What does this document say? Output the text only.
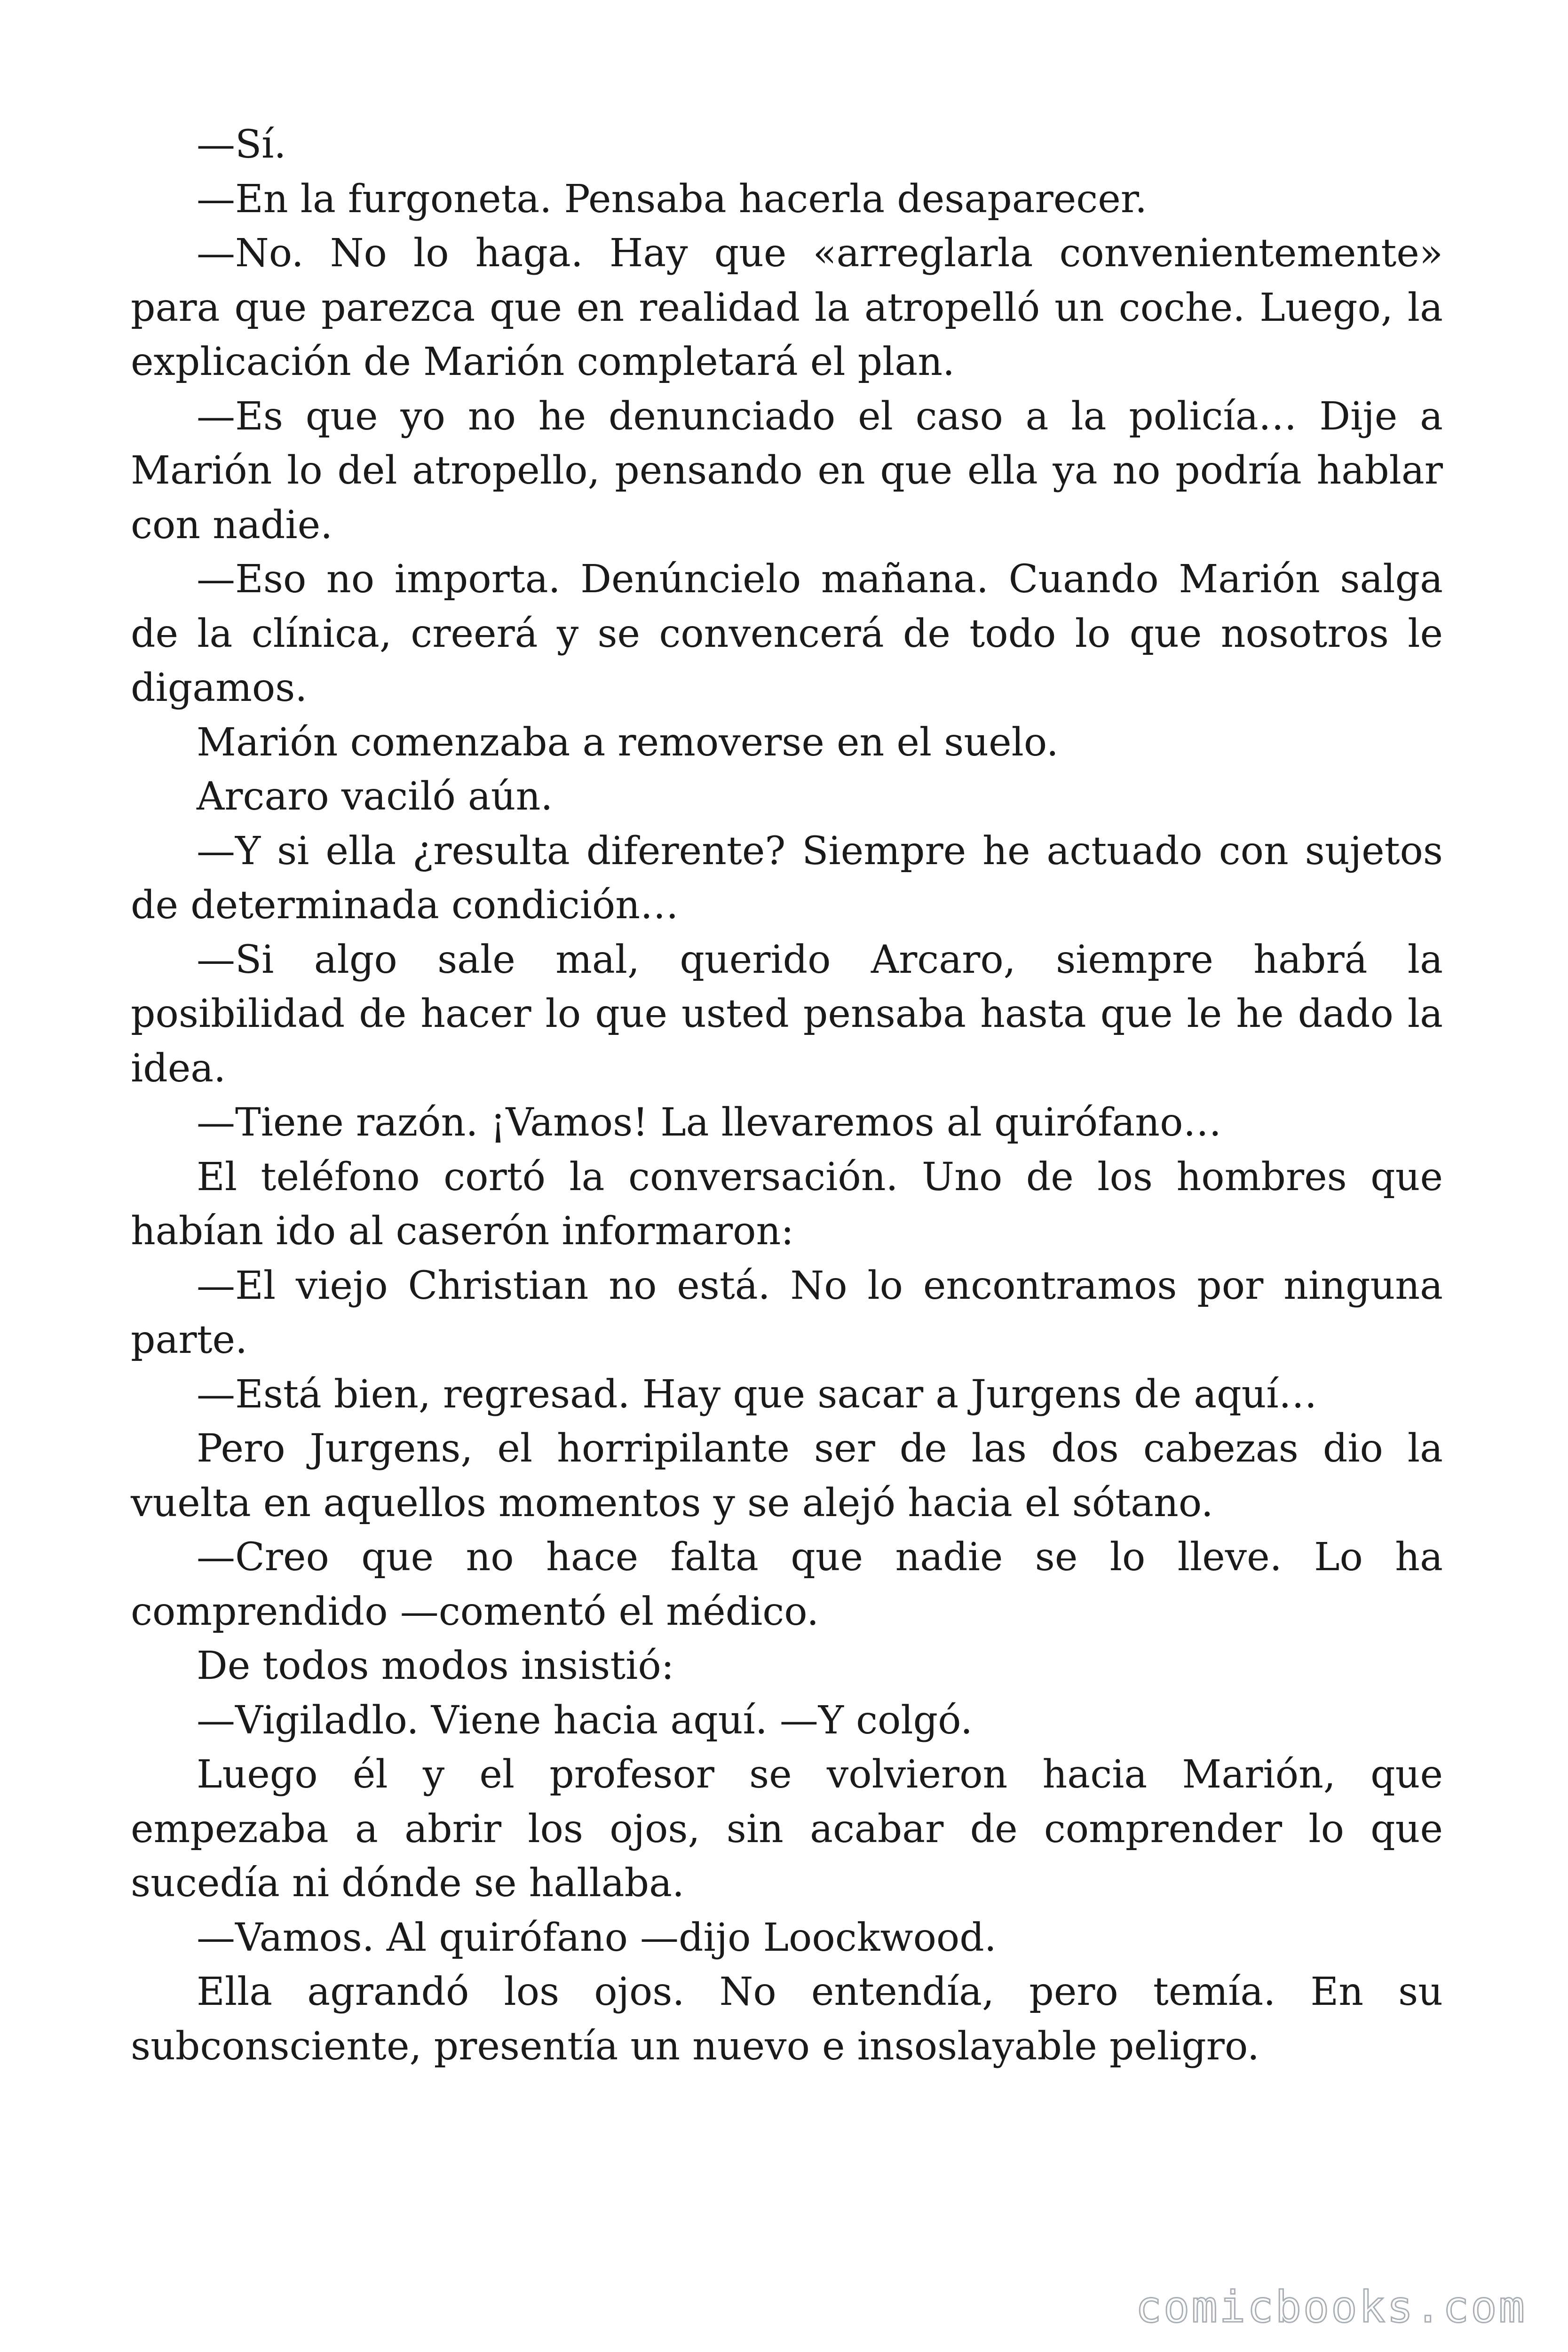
—Sí.

—En la furgoneta. Pensaba hacerla desaparecer.

—No. No lo haga. Hay que «arreglarla convenientemente» para que parezca que en realidad la atropelló un coche. Luego, la explicación de Marión completará el plan.

—Es que yo no he denunciado el caso a la policía… Dije a Marión lo del atropello, pensando en que ella ya no podría hablar con nadie.

—Eso no importa. Denúncielo mañana. Cuando Marión salga de la clínica, creerá y se convencerá de todo lo que nosotros le digamos.

Marión comenzaba a removerse en el suelo.

Arcaro vaciló aún.

—Y si ella ¿resulta diferente? Siempre he actuado con sujetos de determinada condición…

—Si algo sale mal, querido Arcaro, siempre habrá la posibilidad de hacer lo que usted pensaba hasta que le he dado la idea.

—Tiene razón. ¡Vamos! La llevaremos al quirófano…

El teléfono cortó la conversación. Uno de los hombres que habían ido al caserón informaron:

—El viejo Christian no está. No lo encontramos por ninguna parte.

—Está bien, regresad. Hay que sacar a Jurgens de aquí…

Pero Jurgens, el horripilante ser de las dos cabezas dio la vuelta en aquellos momentos y se alejó hacia el sótano.

—Creo que no hace falta que nadie se lo lleve. Lo ha comprendido —comentó el médico.

De todos modos insistió:

—Vigiladlo. Viene hacia aquí. —Y colgó.

Luego él y el profesor se volvieron hacia Marión, que empezaba a abrir los ojos, sin acabar de comprender lo que sucedía ni dónde se hallaba.

—Vamos. Al quirófano —dijo Loockwood.

Ella agrandó los ojos. No entendía, pero temía. En su subconsciente, presentía un nuevo e insoslayable peligro.

comicbooks.com
